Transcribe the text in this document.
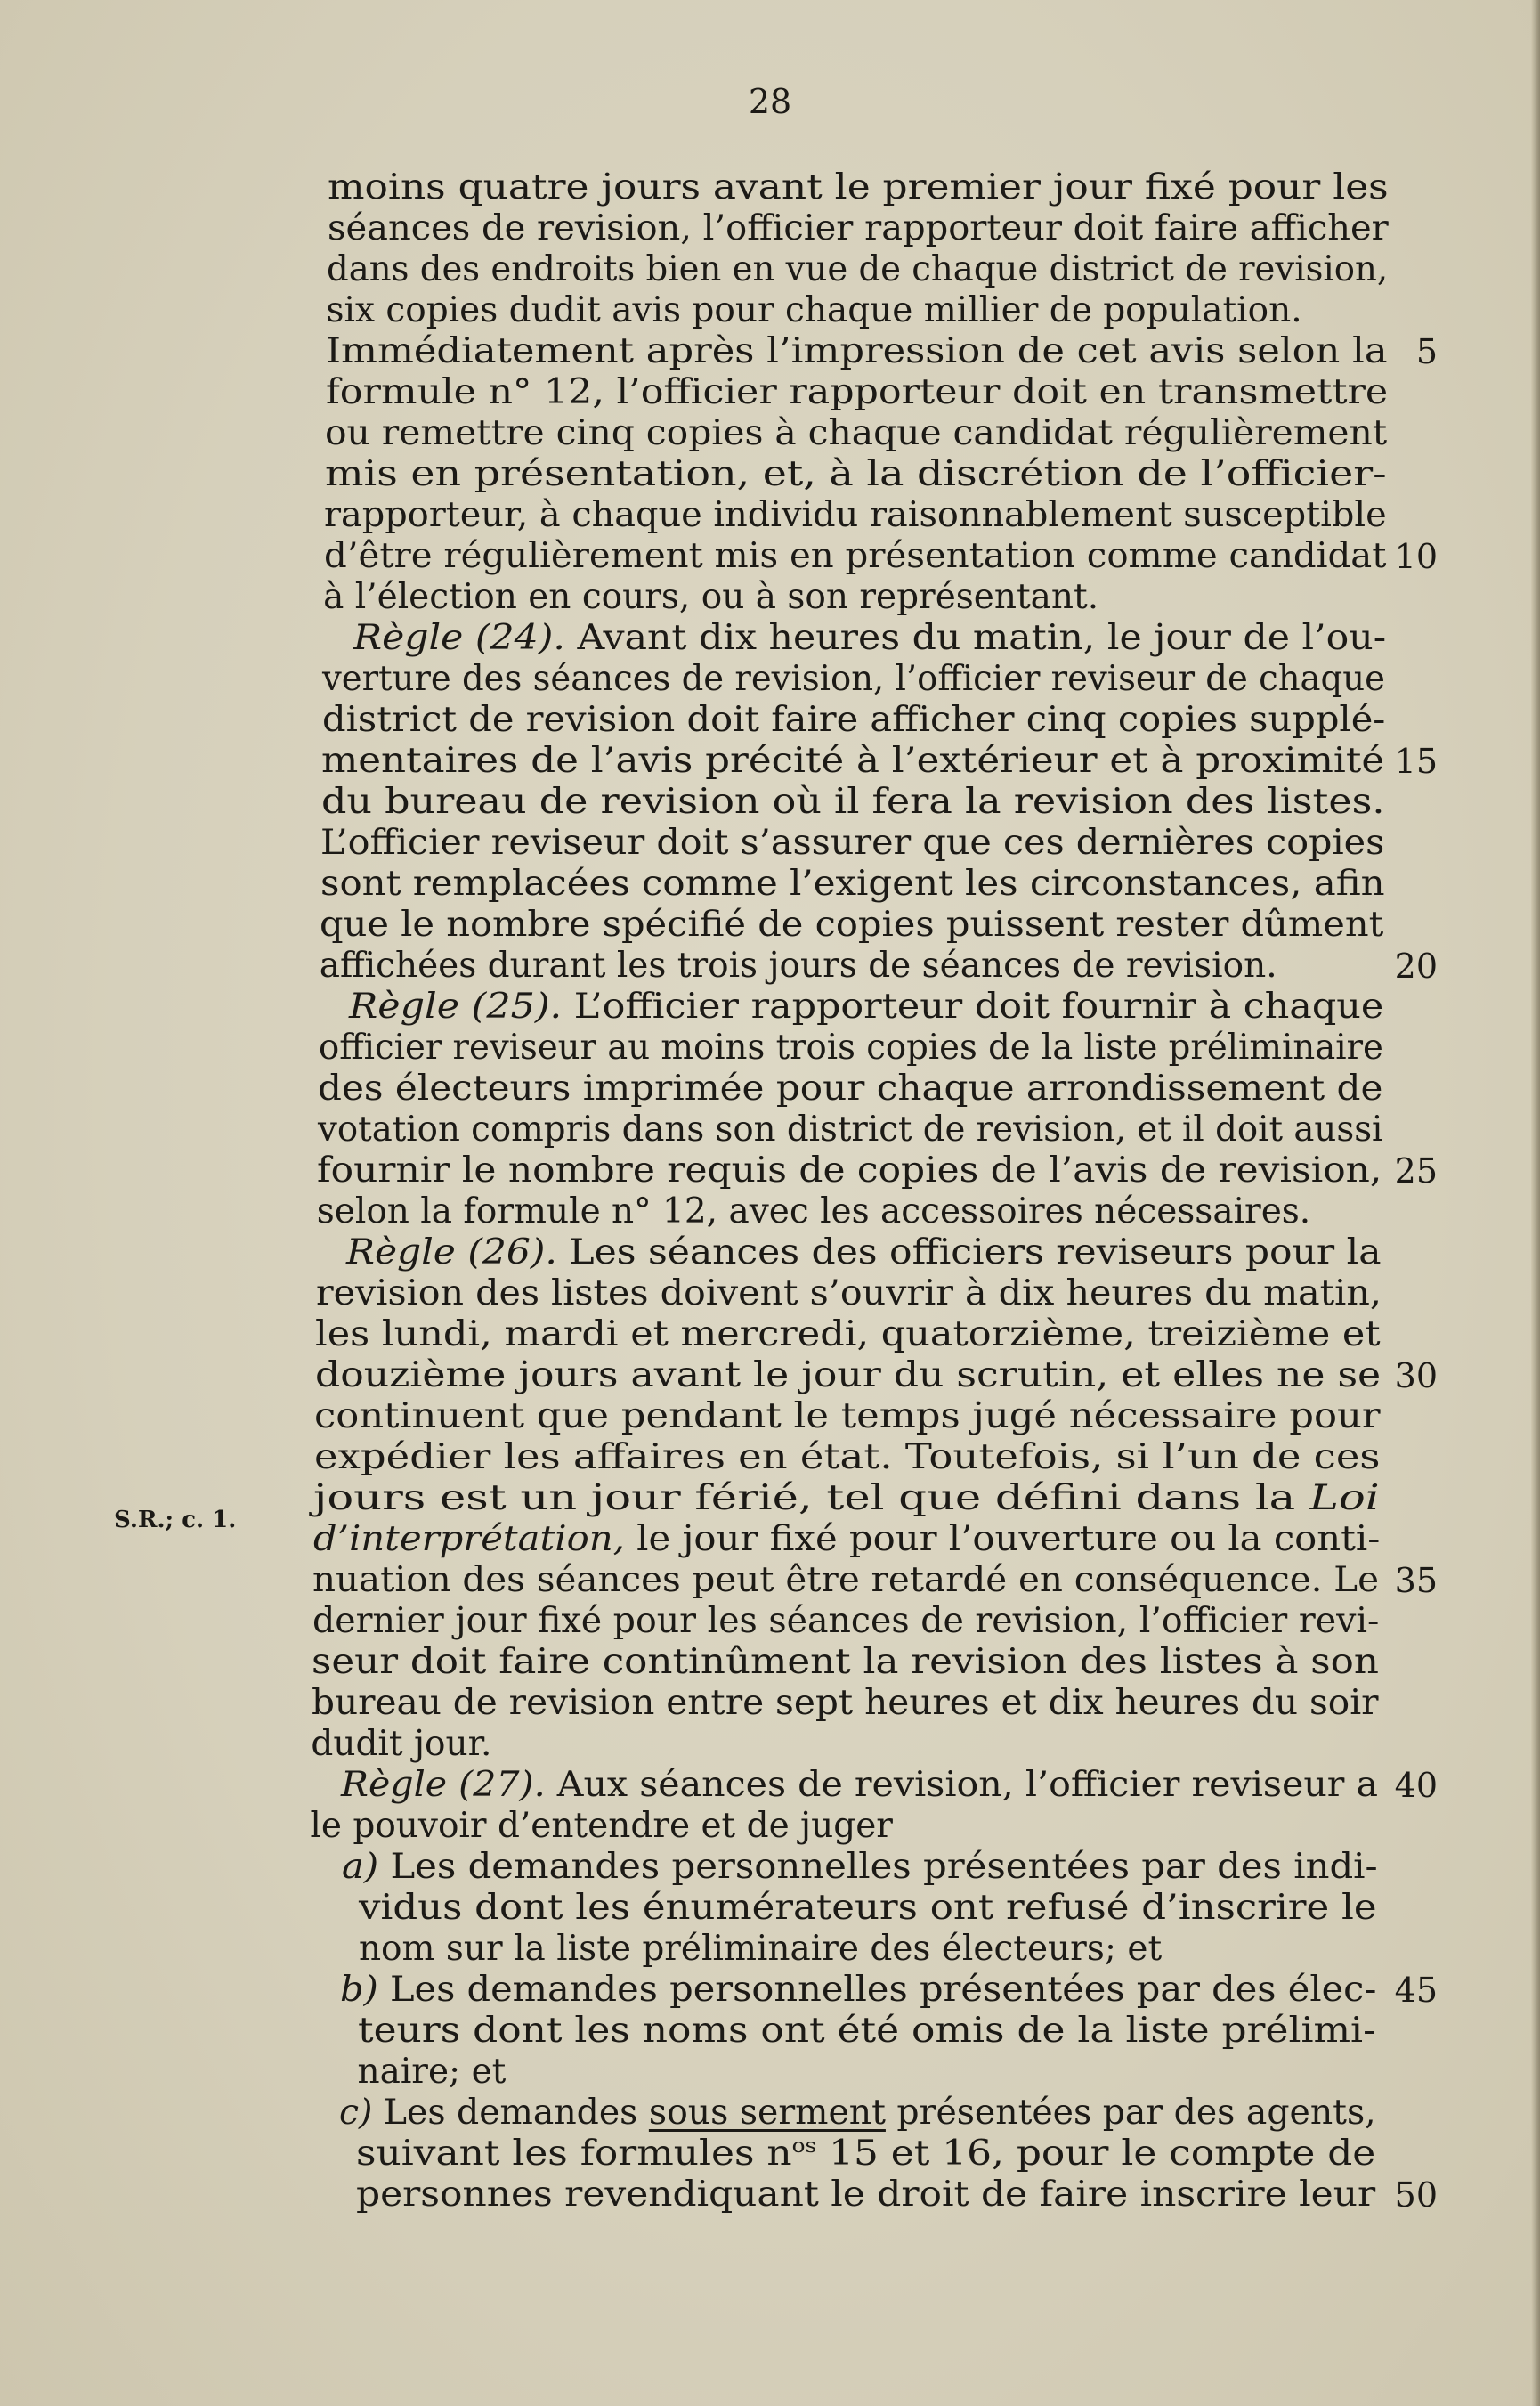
28
moins quatre jours avant le premier jour fixé pour les
séances de revision, l’officier rapporteur doit faire afficher
dans des endroits bien en vue de chaque district de revision,
six copies dudit avis pour chaque millier de population.
Immédiatement après l’impression de cet avis selon la
formule n° 12, l’officier rapporteur doit en transmettre
ou remettre cinq copies à chaque candidat régulièrement
mis en présentation, et, à la discrétion de l’officier-
rapporteur, à chaque individu raisonnablement susceptible
d’être régulièrement mis en présentation comme candidat
à l’élection en cours, ou à son représentant.
Règle (24). Avant dix heures du matin, le jour de l’ou-
verture des séances de revision, l’officier reviseur de chaque
district de revision doit faire afficher cinq copies supplé-
mentaires de l’avis précité à l’extérieur et à proximité
du bureau de revision où il fera la revision des listes.
L’officier reviseur doit s’assurer que ces dernières copies
sont remplacées comme l’exigent les circonstances, afin
que le nombre spécifié de copies puissent rester dûment
affichées durant les trois jours de séances de revision.
Règle (25). L’officier rapporteur doit fournir à chaque
officier reviseur au moins trois copies de la liste préliminaire
des électeurs imprimée pour chaque arrondissement de
votation compris dans son district de revision, et il doit aussi
fournir le nombre requis de copies de l’avis de revision,
selon la formule n° 12, avec les accessoires nécessaires.
Règle (26). Les séances des officiers reviseurs pour la
revision des listes doivent s’ouvrir à dix heures du matin,
les lundi, mardi et mercredi, quatorzième, treizième et
douzième jours avant le jour du scrutin, et elles ne se
continuent que pendant le temps jugé nécessaire pour
expédier les affaires en état. Toutefois, si l’un de ces
jours est un jour férié, tel que défini dans la Loi
d’interprétation, le jour fixé pour l’ouverture ou la conti-
nuation des séances peut être retardé en conséquence. Le
dernier jour fixé pour les séances de revision, l’officier revi-
seur doit faire continûment la revision des listes à son
bureau de revision entre sept heures et dix heures du soir
dudit jour.
Règle (27). Aux séances de revision, l’officier reviseur a
le pouvoir d’entendre et de juger
a) Les demandes personnelles présentées par des indi-
vidus dont les énumérateurs ont refusé d’inscrire le
nom sur la liste préliminaire des électeurs; et
b) Les demandes personnelles présentées par des élec-
teurs dont les noms ont été omis de la liste prélimi-
naire; et
c) Les demandes sous serment présentées par des agents,
suivant les formules $n^{os}$ 15 et 16, pour le compte de
personnes revendiquant le droit de faire inscrire leur
5
10
15
20
25
30
35
40
45
50
S.R.; c. 1.
